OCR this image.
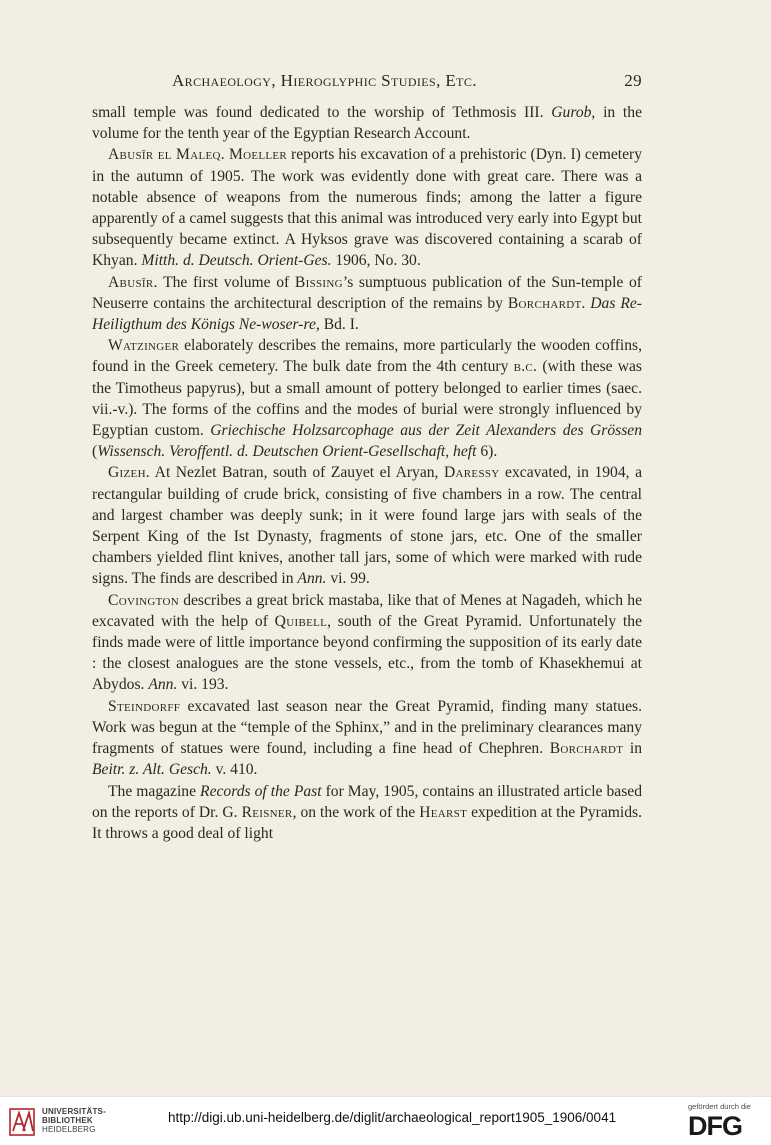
Archaeology, Hieroglyphic Studies, Etc.	29

small temple was found dedicated to the worship of Tethmosis III. Gurob, in the volume for the tenth year of the Egyptian Research Account.

Abusîr el Maleq. Moeller reports his excavation of a prehistoric (Dyn. I) cemetery in the autumn of 1905. The work was evidently done with great care. There was a notable absence of weapons from the numerous finds; among the latter a figure apparently of a camel suggests that this animal was introduced very early into Egypt but subsequently became extinct. A Hyksos grave was discovered containing a scarab of Khyan. Mitth. d. Deutsch. Orient-Ges. 1906, No. 30.

Abusîr. The first volume of Bissing’s sumptuous publication of the Sun-temple of Neuserre contains the architectural description of the remains by Borchardt. Das Re-Heiligthum des Königs Ne-woser-re, Bd. I.

Watzinger elaborately describes the remains, more particularly the wooden coffins, found in the Greek cemetery. The bulk date from the 4th century b.c. (with these was the Timotheus papyrus), but a small amount of pottery belonged to earlier times (saec. vii.-v.). The forms of the coffins and the modes of burial were strongly influenced by Egyptian custom. Griechische Holzsarcophage aus der Zeit Alexanders des Grössen (Wissensch. Veroffentl. d. Deutschen Orient-Gesellschaft, heft 6).

Gizeh. At Nezlet Batran, south of Zauyet el Aryan, Daressy excavated, in 1904, a rectangular building of crude brick, consisting of five chambers in a row. The central and largest chamber was deeply sunk; in it were found large jars with seals of the Serpent King of the Ist Dynasty, fragments of stone jars, etc. One of the smaller chambers yielded flint knives, another tall jars, some of which were marked with rude signs. The finds are described in Ann. vi. 99.

Covington describes a great brick mastaba, like that of Menes at Nagadeh, which he excavated with the help of Quibell, south of the Great Pyramid. Unfortunately the finds made were of little importance beyond confirming the supposition of its early date : the closest analogues are the stone vessels, etc., from the tomb of Khasekhemui at Abydos. Ann. vi. 193.

Steindorff excavated last season near the Great Pyramid, finding many statues. Work was begun at the “temple of the Sphinx,” and in the preliminary clearances many fragments of statues were found, including a fine head of Chephren. Borchardt in Beitr. z. Alt. Gesch. v. 410.

The magazine Records of the Past for May, 1905, contains an illustrated article based on the reports of Dr. G. Reisner, on the work of the Hearst expedition at the Pyramids. It throws a good deal of light

UNIVERSITÄTS-
BIBLIOTHEK
HEIDELBERG
http://digi.ub.uni-heidelberg.de/diglit/archaeological_report1905_1906/0041
gefördert durch die
DFG
